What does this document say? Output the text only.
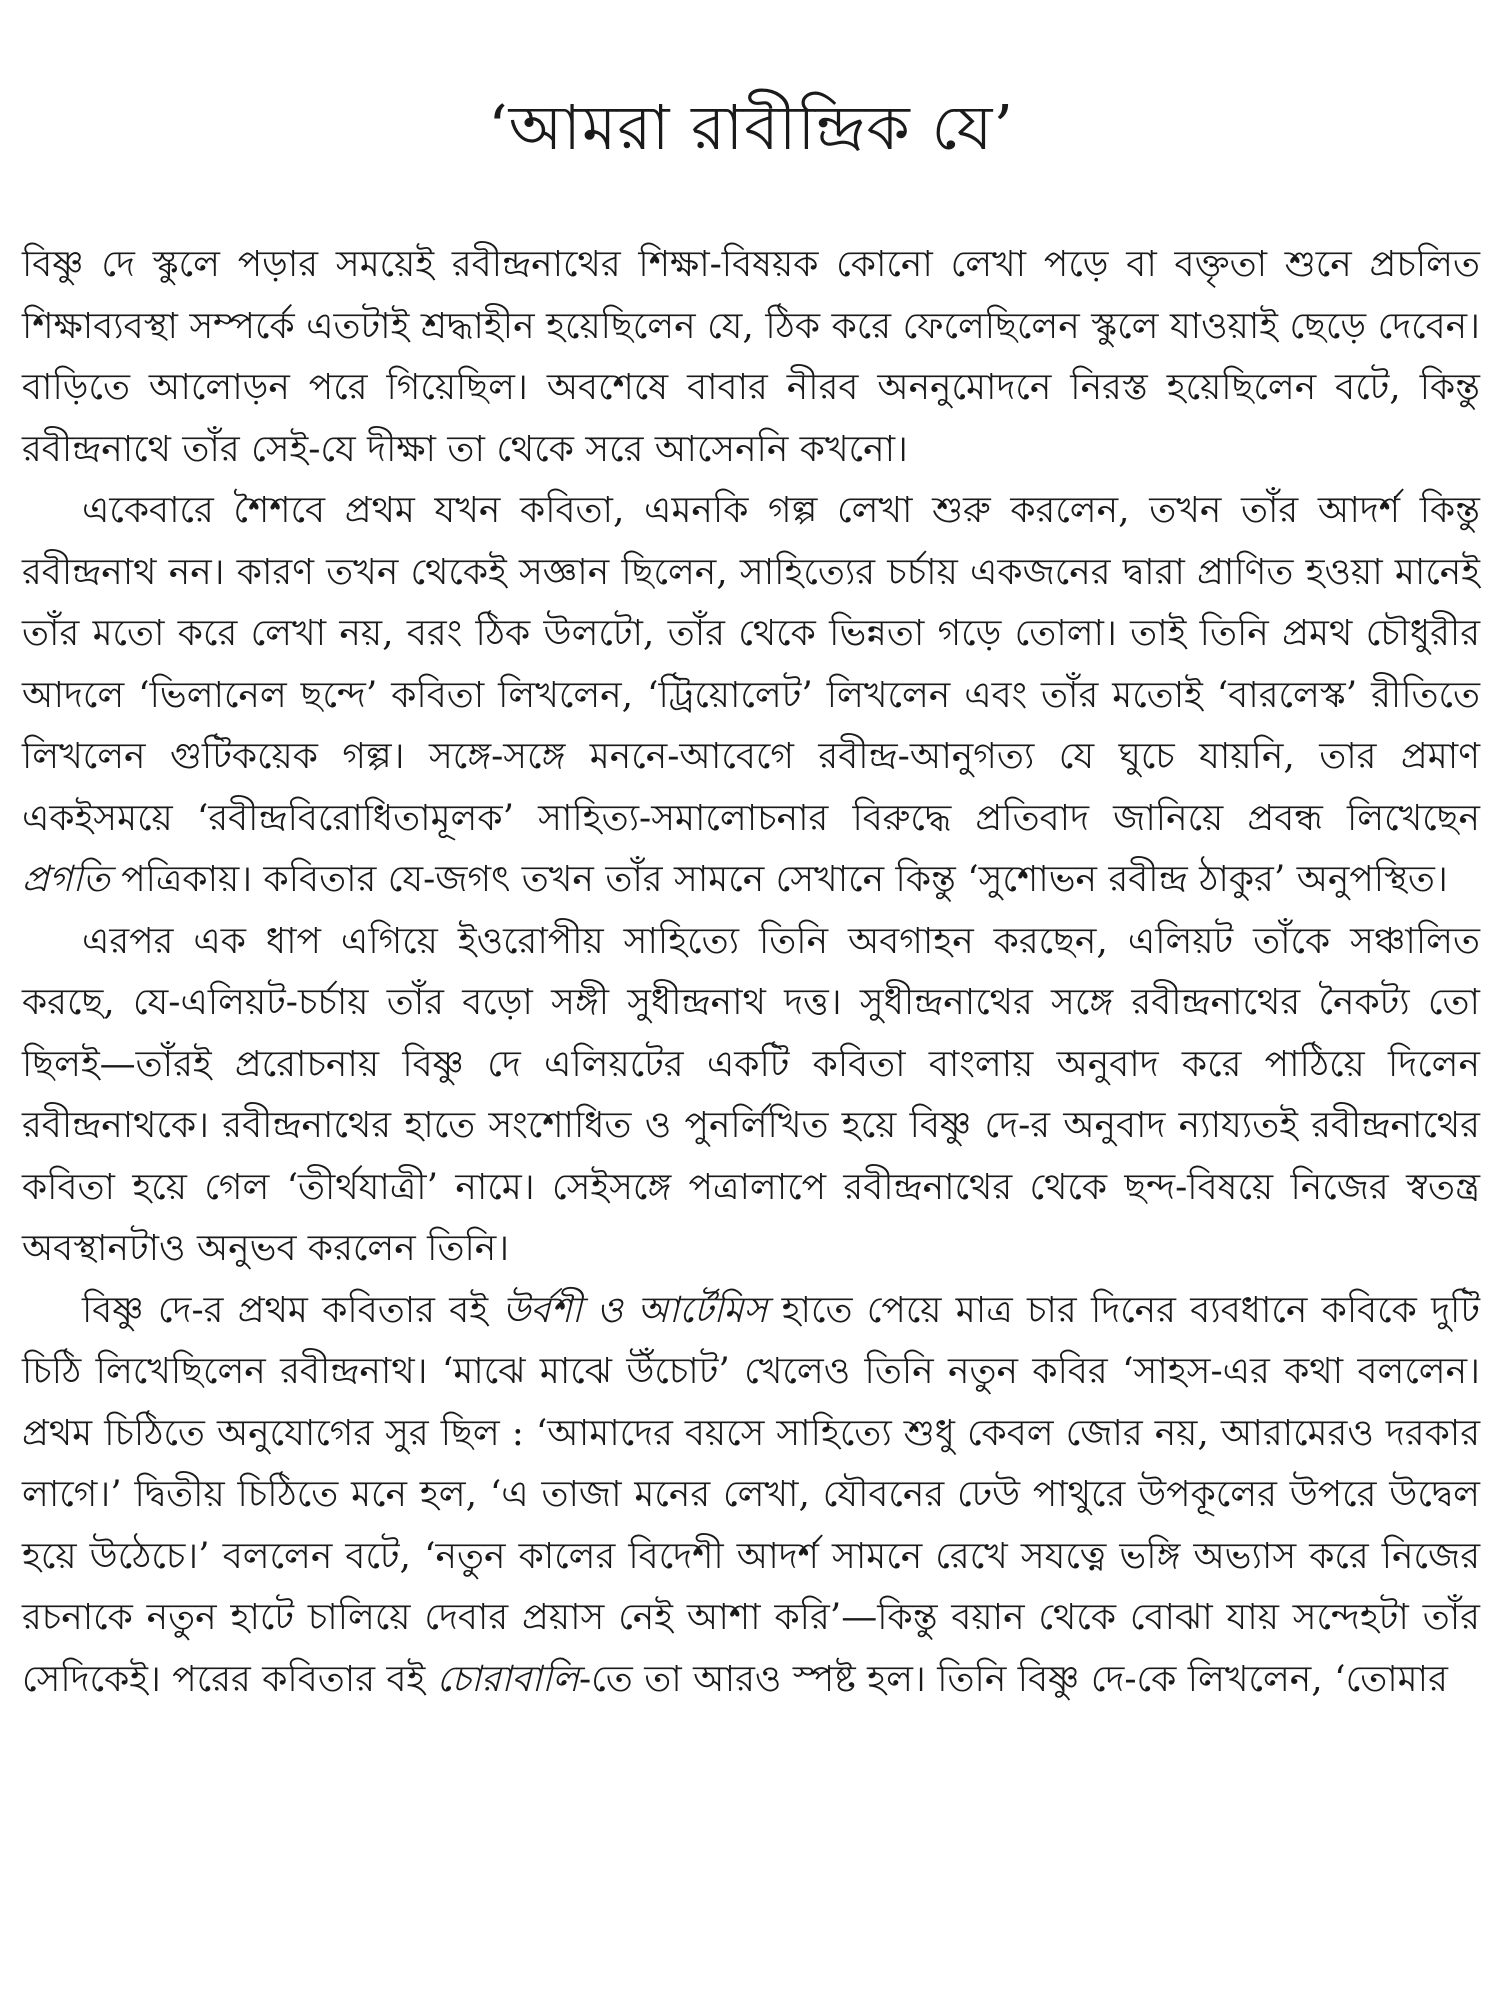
‘আমরা রাবীন্দ্রিক যে’

বিষ্ণু দে স্কুলে পড়ার সময়েই রবীন্দ্রনাথের শিক্ষা-বিষয়ক কোনো লেখা পড়ে বা বক্তৃতা শুনে প্রচলিত শিক্ষাব্যবস্থা সম্পর্কে এতটাই শ্রদ্ধাহীন হয়েছিলেন যে, ঠিক করে ফেলেছিলেন স্কুলে যাওয়াই ছেড়ে দেবেন। বাড়িতে আলোড়ন পরে গিয়েছিল। অবশেষে বাবার নীরব অননুমোদনে নিরস্ত হয়েছিলেন বটে, কিন্তু রবীন্দ্রনাথে তাঁর সেই-যে দীক্ষা তা থেকে সরে আসেননি কখনো।

একেবারে শৈশবে প্রথম যখন কবিতা, এমনকি গল্প লেখা শুরু করলেন, তখন তাঁর আদর্শ কিন্তু রবীন্দ্রনাথ নন। কারণ তখন থেকেই সজ্ঞান ছিলেন, সাহিত্যের চর্চায় একজনের দ্বারা প্রাণিত হওয়া মানেই তাঁর মতো করে লেখা নয়, বরং ঠিক উলটো, তাঁর থেকে ভিন্নতা গড়ে তোলা। তাই তিনি প্রমথ চৌধুরীর আদলে ‘ভিলানেল ছন্দে’ কবিতা লিখলেন, ‘ট্রিয়োলেট’ লিখলেন এবং তাঁর মতোই ‘বারলেস্ক’ রীতিতে লিখলেন গুটিকয়েক গল্প। সঙ্গে-সঙ্গে মননে-আবেগে রবীন্দ্র-আনুগত্য যে ঘুচে যায়নি, তার প্রমাণ একইসময়ে ‘রবীন্দ্রবিরোধিতামূলক’ সাহিত্য-সমালোচনার বিরুদ্ধে প্রতিবাদ জানিয়ে প্রবন্ধ লিখেছেন প্রগতি পত্রিকায়। কবিতার যে-জগৎ তখন তাঁর সামনে সেখানে কিন্তু ‘সুশোভন রবীন্দ্র ঠাকুর’ অনুপস্থিত।

এরপর এক ধাপ এগিয়ে ইওরোপীয় সাহিত্যে তিনি অবগাহন করছেন, এলিয়ট তাঁকে সঞ্চালিত করছে, যে-এলিয়ট-চর্চায় তাঁর বড়ো সঙ্গী সুধীন্দ্রনাথ দত্ত। সুধীন্দ্রনাথের সঙ্গে রবীন্দ্রনাথের নৈকট্য তো ছিলই—তাঁরই প্ররোচনায় বিষ্ণু দে এলিয়টের একটি কবিতা বাংলায় অনুবাদ করে পাঠিয়ে দিলেন রবীন্দ্রনাথকে। রবীন্দ্রনাথের হাতে সংশোধিত ও পুনর্লিখিত হয়ে বিষ্ণু দে-র অনুবাদ ন্যায্যতই রবীন্দ্রনাথের কবিতা হয়ে গেল ‘তীর্থযাত্রী’ নামে। সেইসঙ্গে পত্রালাপে রবীন্দ্রনাথের থেকে ছন্দ-বিষয়ে নিজের স্বতন্ত্র অবস্থানটাও অনুভব করলেন তিনি।

বিষ্ণু দে-র প্রথম কবিতার বই উর্বশী ও আর্টেমিস হাতে পেয়ে মাত্র চার দিনের ব্যবধানে কবিকে দুটি চিঠি লিখেছিলেন রবীন্দ্রনাথ। ‘মাঝে মাঝে উঁচোট’ খেলেও তিনি নতুন কবির ‘সাহস-এর কথা বললেন। প্রথম চিঠিতে অনুযোগের সুর ছিল : ‘আমাদের বয়সে সাহিত্যে শুধু কেবল জোর নয়, আরামেরও দরকার লাগে।’ দ্বিতীয় চিঠিতে মনে হল, ‘এ তাজা মনের লেখা, যৌবনের ঢেউ পাথুরে উপকূলের উপরে উদ্বেল হয়ে উঠেচে।’ বললেন বটে, ‘নতুন কালের বিদেশী আদর্শ সামনে রেখে সযত্নে ভঙ্গি অভ্যাস করে নিজের রচনাকে নতুন হাটে চালিয়ে দেবার প্রয়াস নেই আশা করি’—কিন্তু বয়ান থেকে বোঝা যায় সন্দেহটা তাঁর সেদিকেই। পরের কবিতার বই চোরাবালি-তে তা আরও স্পষ্ট হল। তিনি বিষ্ণু দে-কে লিখলেন, ‘তোমার
